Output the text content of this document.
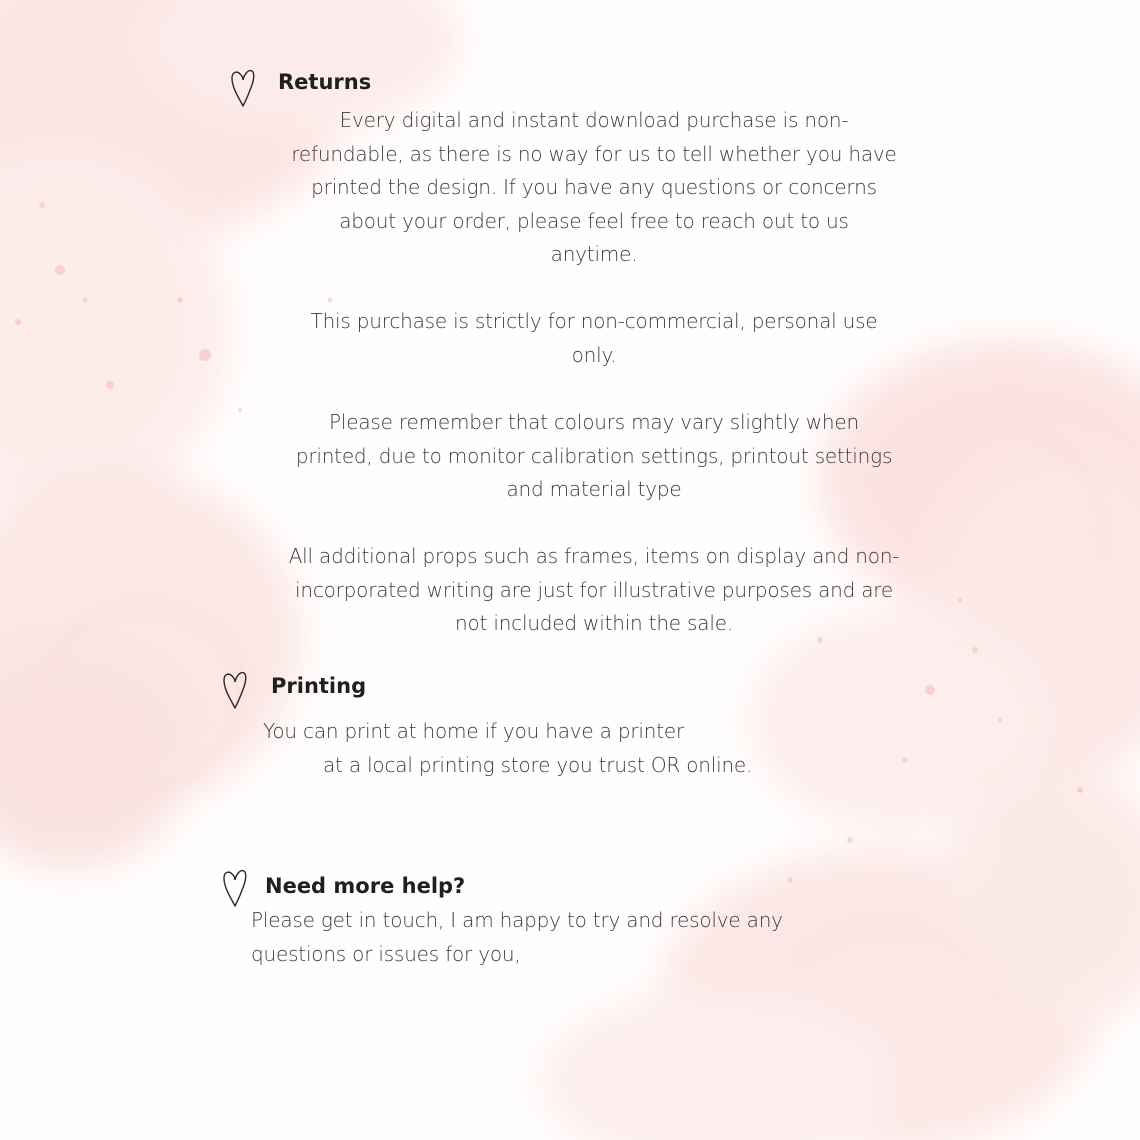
Returns

Every digital and instant download purchase is non-
refundable, as there is no way for us to tell whether you have
printed the design. If you have any questions or concerns
about your order, please feel free to reach out to us
anytime.

This purchase is strictly for non-commercial, personal use
only.

Please remember that colours may vary slightly when
printed, due to monitor calibration settings, printout settings
and material type

All additional props such as frames, items on display and non-
incorporated writing are just for illustrative purposes and are
not included within the sale.

Printing

You can print at home if you have a printer
at a local printing store you trust OR online.

Need more help?

Please get in touch, I am happy to try and resolve any
questions or issues for you,
